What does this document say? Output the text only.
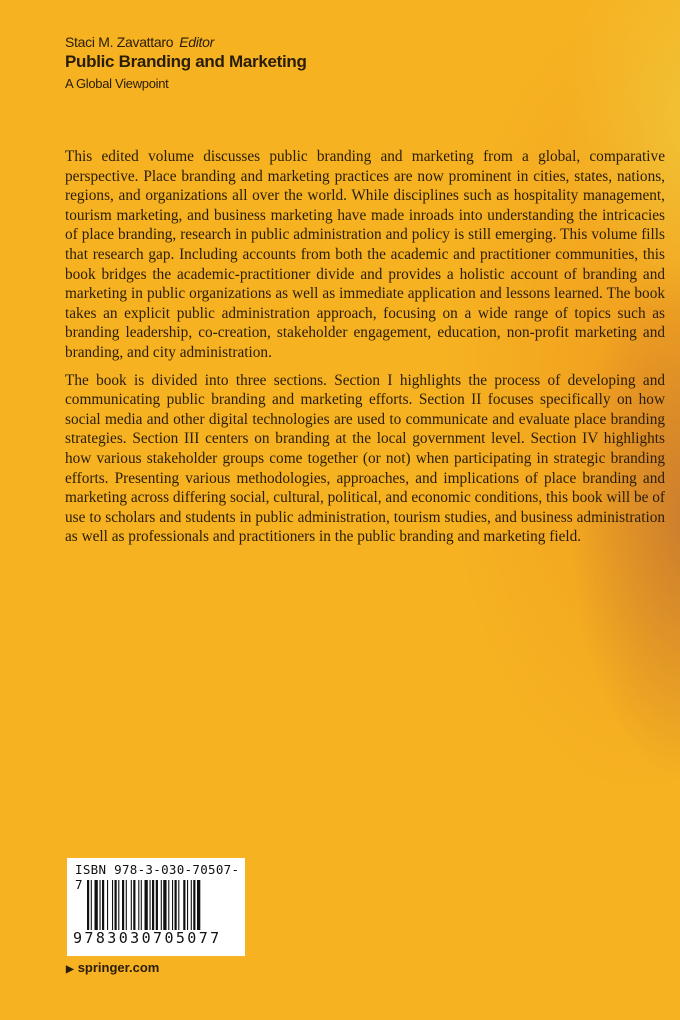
Staci M. Zavattaro Editor
Public Branding and Marketing
A Global Viewpoint

This edited volume discusses public branding and marketing from a global, comparative perspective. Place branding and marketing practices are now prominent in cities, states, nations, regions, and organizations all over the world. While disciplines such as hospitality management, tourism marketing, and business marketing have made inroads into understanding the intricacies of place branding, research in public administration and policy is still emerging. This volume fills that research gap. Including accounts from both the academic and practitioner communities, this book bridges the academic-practitioner divide and provides a holistic account of branding and marketing in public organizations as well as immediate application and lessons learned. The book takes an explicit public administration approach, focusing on a wide range of topics such as branding leadership, co-creation, stakeholder engagement, education, non-profit marketing and branding, and city administration.

The book is divided into three sections. Section I highlights the process of developing and communicating public branding and marketing efforts. Section II focuses specifically on how social media and other digital technologies are used to communicate and evaluate place branding strategies. Section III centers on branding at the local government level. Section IV highlights how various stakeholder groups come together (or not) when participating in strategic branding efforts. Presenting various methodologies, approaches, and implications of place branding and marketing across differing social, cultural, political, and economic conditions, this book will be of use to scholars and students in public administration, tourism studies, and business administration as well as professionals and practitioners in the public branding and marketing field.

ISBN 978-3-030-70507-7
9783030705077
▶ springer.com
